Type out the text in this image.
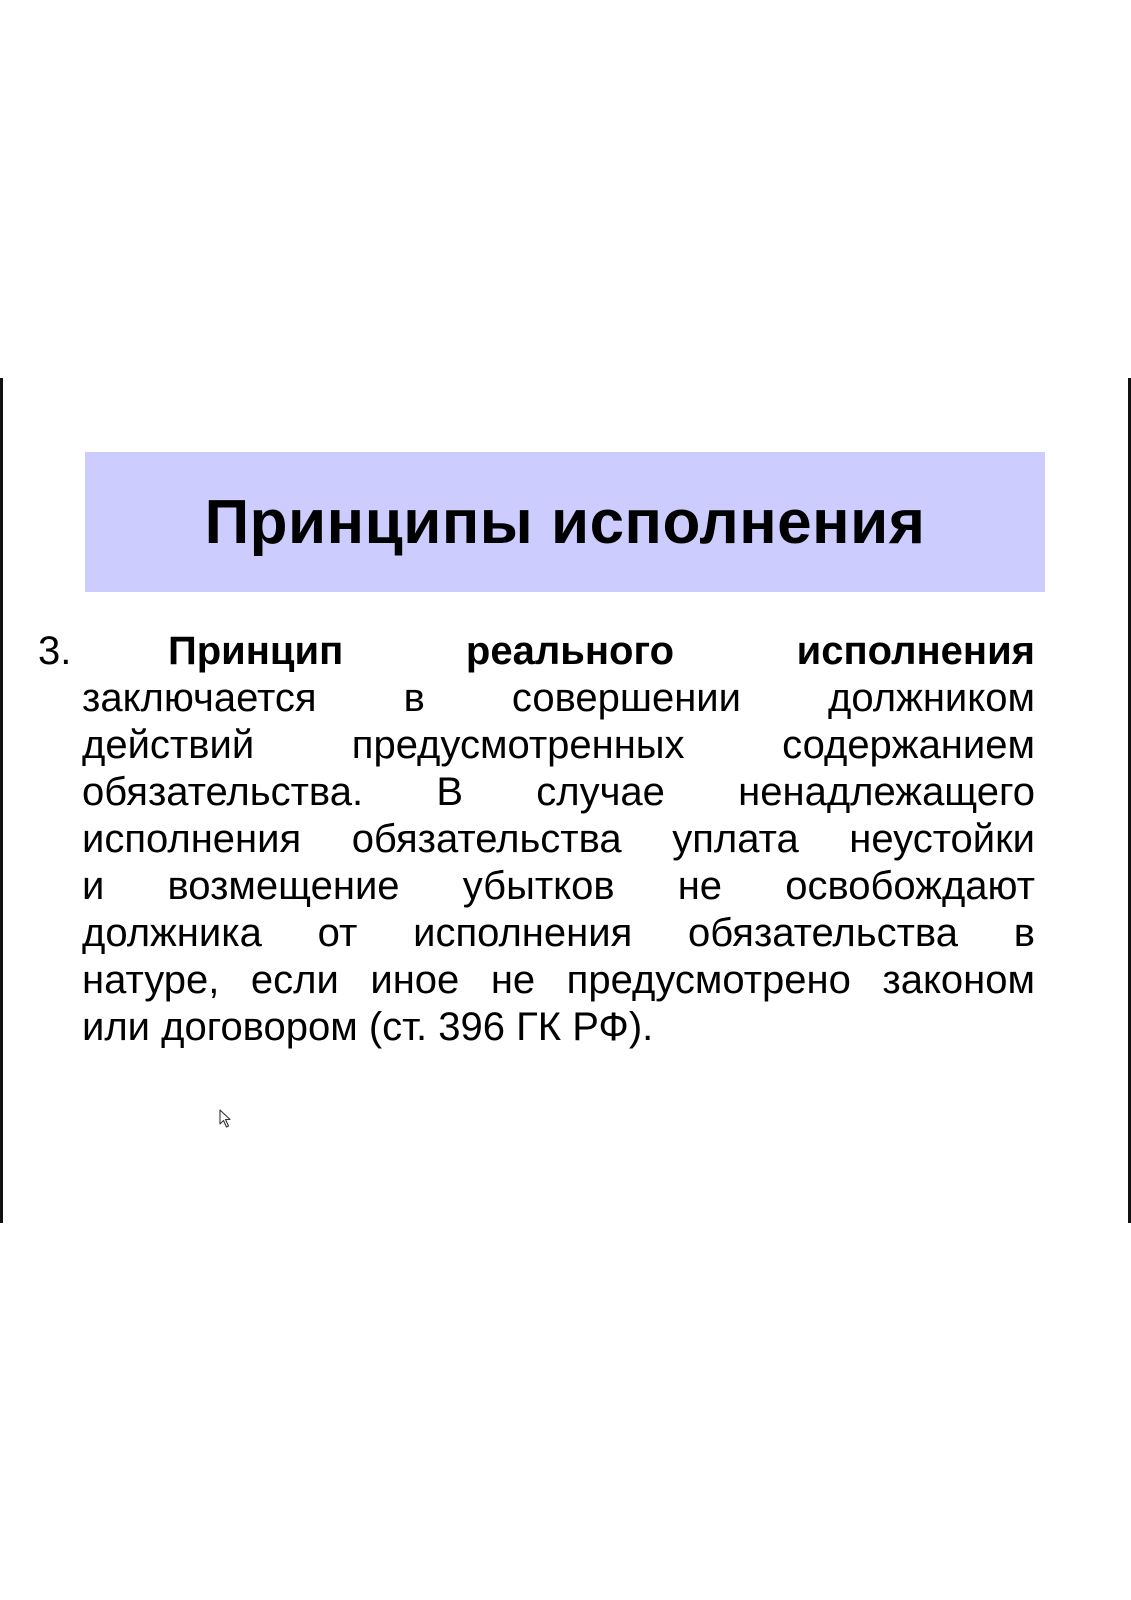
Принципы исполнения
3. Принцип	реального	исполнения
заключается в совершении должником
действий предусмотренных содержанием
обязательства. В случае ненадлежащего
исполнения обязательства уплата неустойки
и возмещение убытков не освобождают
должника от исполнения обязательства в
натуре, если иное не предусмотрено законом
или договором (ст. 396 ГК РФ).
